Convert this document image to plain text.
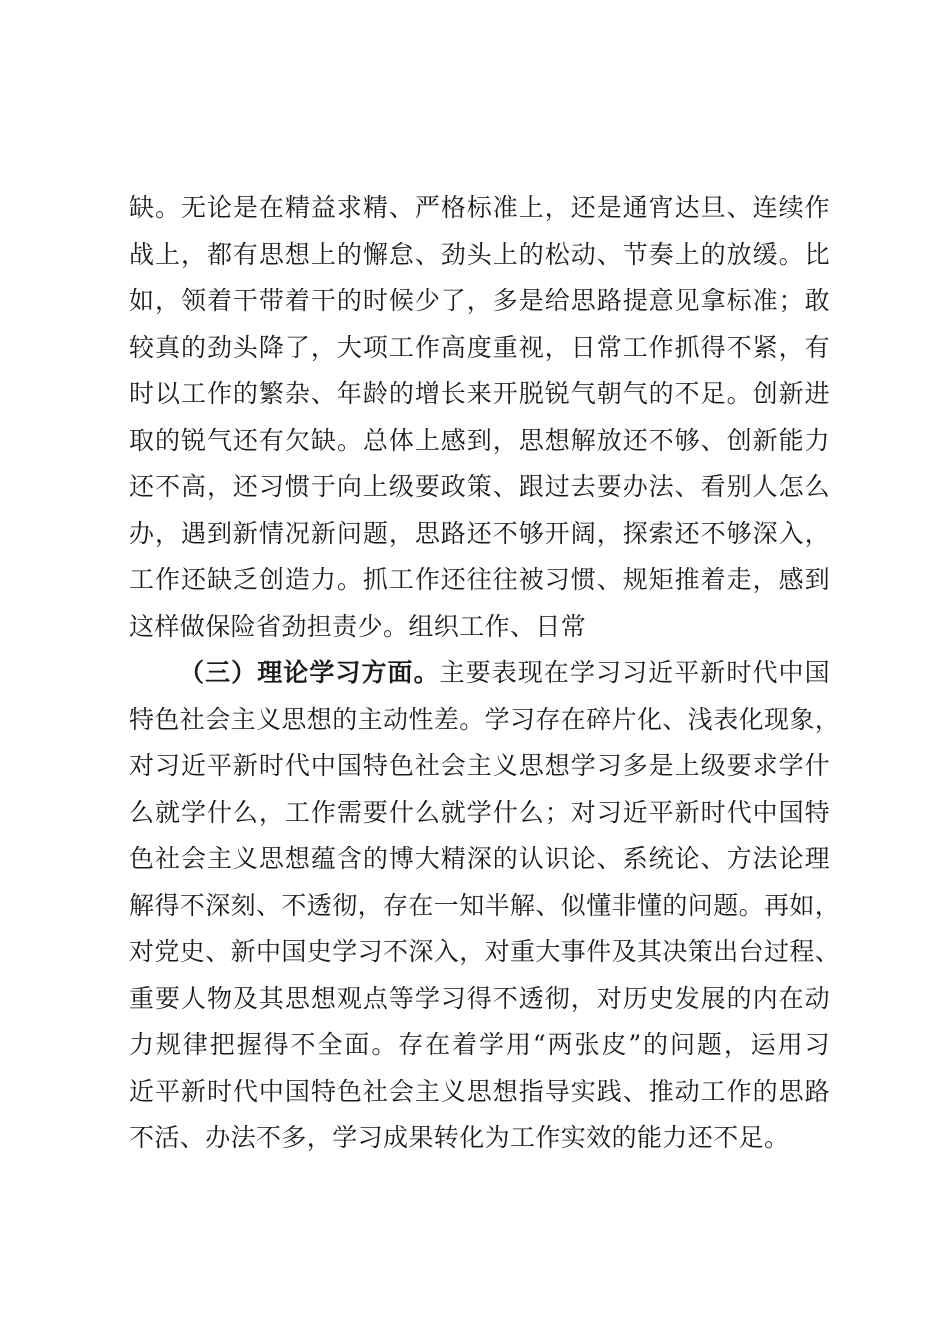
缺。无论是在精益求精、严格标准上，还是通宵达旦、连续作
战上，都有思想上的懈怠、劲头上的松动、节奏上的放缓。比
如，领着干带着干的时候少了，多是给思路提意见拿标准；敢
较真的劲头降了，大项工作高度重视，日常工作抓得不紧，有
时以工作的繁杂、年龄的增长来开脱锐气朝气的不足。创新进
取的锐气还有欠缺。总体上感到，思想解放还不够、创新能力
还不高，还习惯于向上级要政策、跟过去要办法、看别人怎么
办，遇到新情况新问题，思路还不够开阔，探索还不够深入，
工作还缺乏创造力。抓工作还往往被习惯、规矩推着走，感到
这样做保险省劲担责少。组织工作、日常
（三）理论学习方面。主要表现在学习习近平新时代中国
特色社会主义思想的主动性差。学习存在碎片化、浅表化现象，
对习近平新时代中国特色社会主义思想学习多是上级要求学什
么就学什么，工作需要什么就学什么；对习近平新时代中国特
色社会主义思想蕴含的博大精深的认识论、系统论、方法论理
解得不深刻、不透彻，存在一知半解、似懂非懂的问题。再如，
对党史、新中国史学习不深入，对重大事件及其决策出台过程、
重要人物及其思想观点等学习得不透彻，对历史发展的内在动
力规律把握得不全面。存在着学用“两张皮”的问题，运用习
近平新时代中国特色社会主义思想指导实践、推动工作的思路
不活、办法不多，学习成果转化为工作实效的能力还不足。
